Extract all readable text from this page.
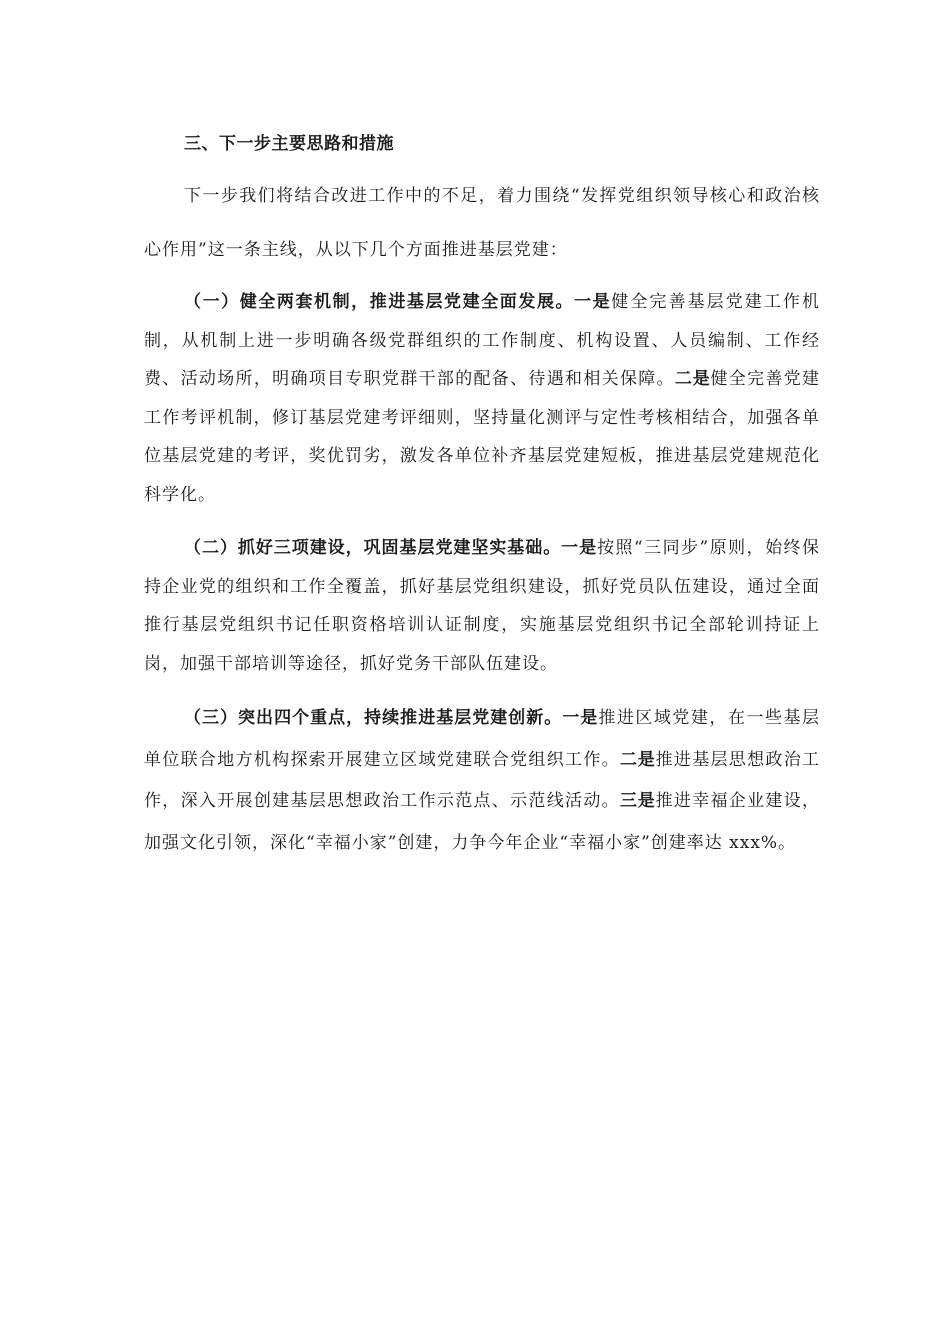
三、下一步主要思路和措施

下一步我们将结合改进工作中的不足，着力围绕“发挥党组织领导核心和政治核心作用”这一条主线，从以下几个方面推进基层党建：

（一）健全两套机制，推进基层党建全面发展。一是健全完善基层党建工作机制，从机制上进一步明确各级党群组织的工作制度、机构设置、人员编制、工作经费、活动场所，明确项目专职党群干部的配备、待遇和相关保障。二是健全完善党建工作考评机制，修订基层党建考评细则，坚持量化测评与定性考核相结合，加强各单位基层党建的考评，奖优罚劣，激发各单位补齐基层党建短板，推进基层党建规范化科学化。

（二）抓好三项建设，巩固基层党建坚实基础。一是按照“三同步”原则，始终保持企业党的组织和工作全覆盖，抓好基层党组织建设，抓好党员队伍建设，通过全面推行基层党组织书记任职资格培训认证制度，实施基层党组织书记全部轮训持证上岗，加强干部培训等途径，抓好党务干部队伍建设。

（三）突出四个重点，持续推进基层党建创新。一是推进区域党建，在一些基层单位联合地方机构探索开展建立区域党建联合党组织工作。二是推进基层思想政治工作，深入开展创建基层思想政治工作示范点、示范线活动。三是推进幸福企业建设，加强文化引领，深化“幸福小家”创建，力争今年企业“幸福小家”创建率达 xxx%。
